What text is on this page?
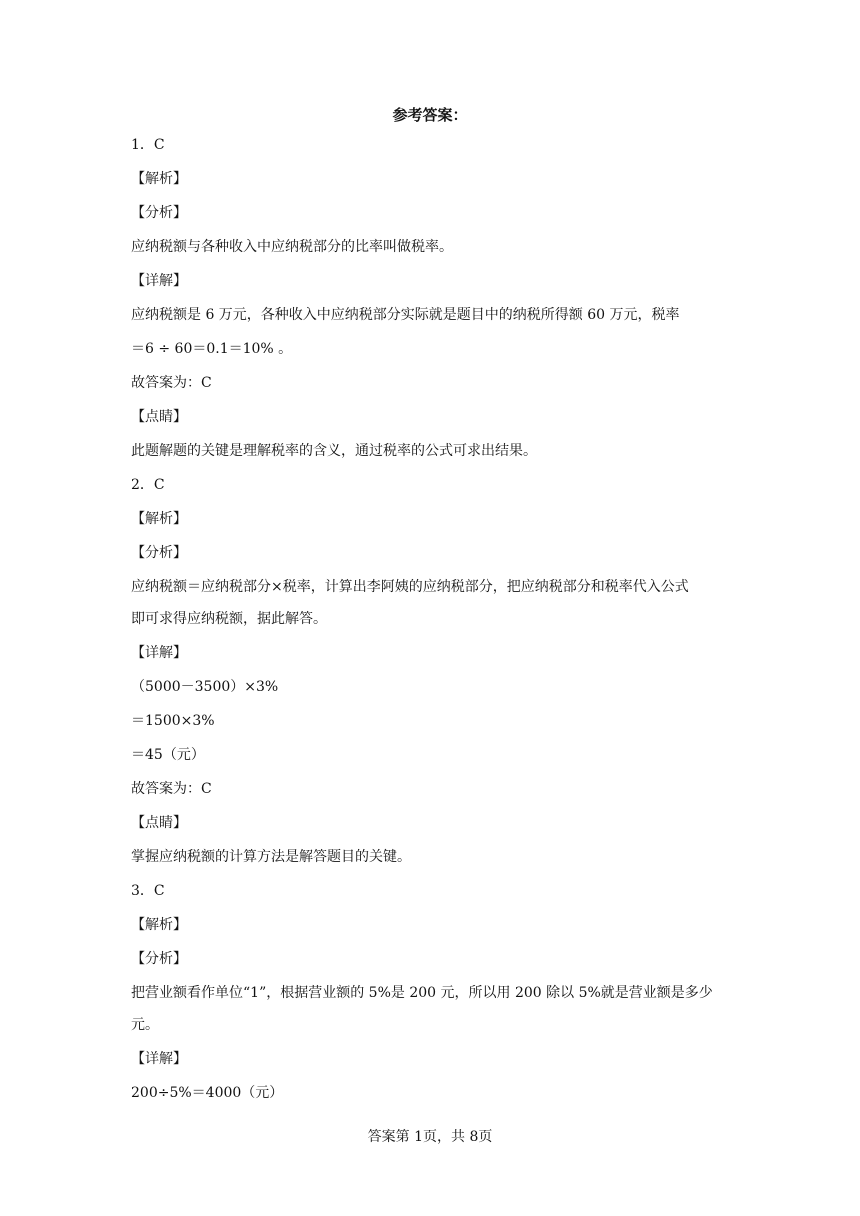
参考答案：
1．C
【解析】
【分析】
应纳税额与各种收入中应纳税部分的比率叫做税率。
【详解】
应纳税额是 6 万元，各种收入中应纳税部分实际就是题目中的纳税所得额 60 万元，税率
＝6 ÷ 60＝0.1＝10% 。
故答案为：C
【点睛】
此题解题的关键是理解税率的含义，通过税率的公式可求出结果。
2．C
【解析】
【分析】
应纳税额＝应纳税部分×税率，计算出李阿姨的应纳税部分，把应纳税部分和税率代入公式
即可求得应纳税额，据此解答。
【详解】
（5000－3500）×3%
＝1500×3%
＝45（元）
故答案为：C
【点睛】
掌握应纳税额的计算方法是解答题目的关键。
3．C
【解析】
【分析】
把营业额看作单位“1”，根据营业额的 5%是 200 元，所以用 200 除以 5%就是营业额是多少
元。
【详解】
200÷5%＝4000（元）
答案第 1页，共 8页
